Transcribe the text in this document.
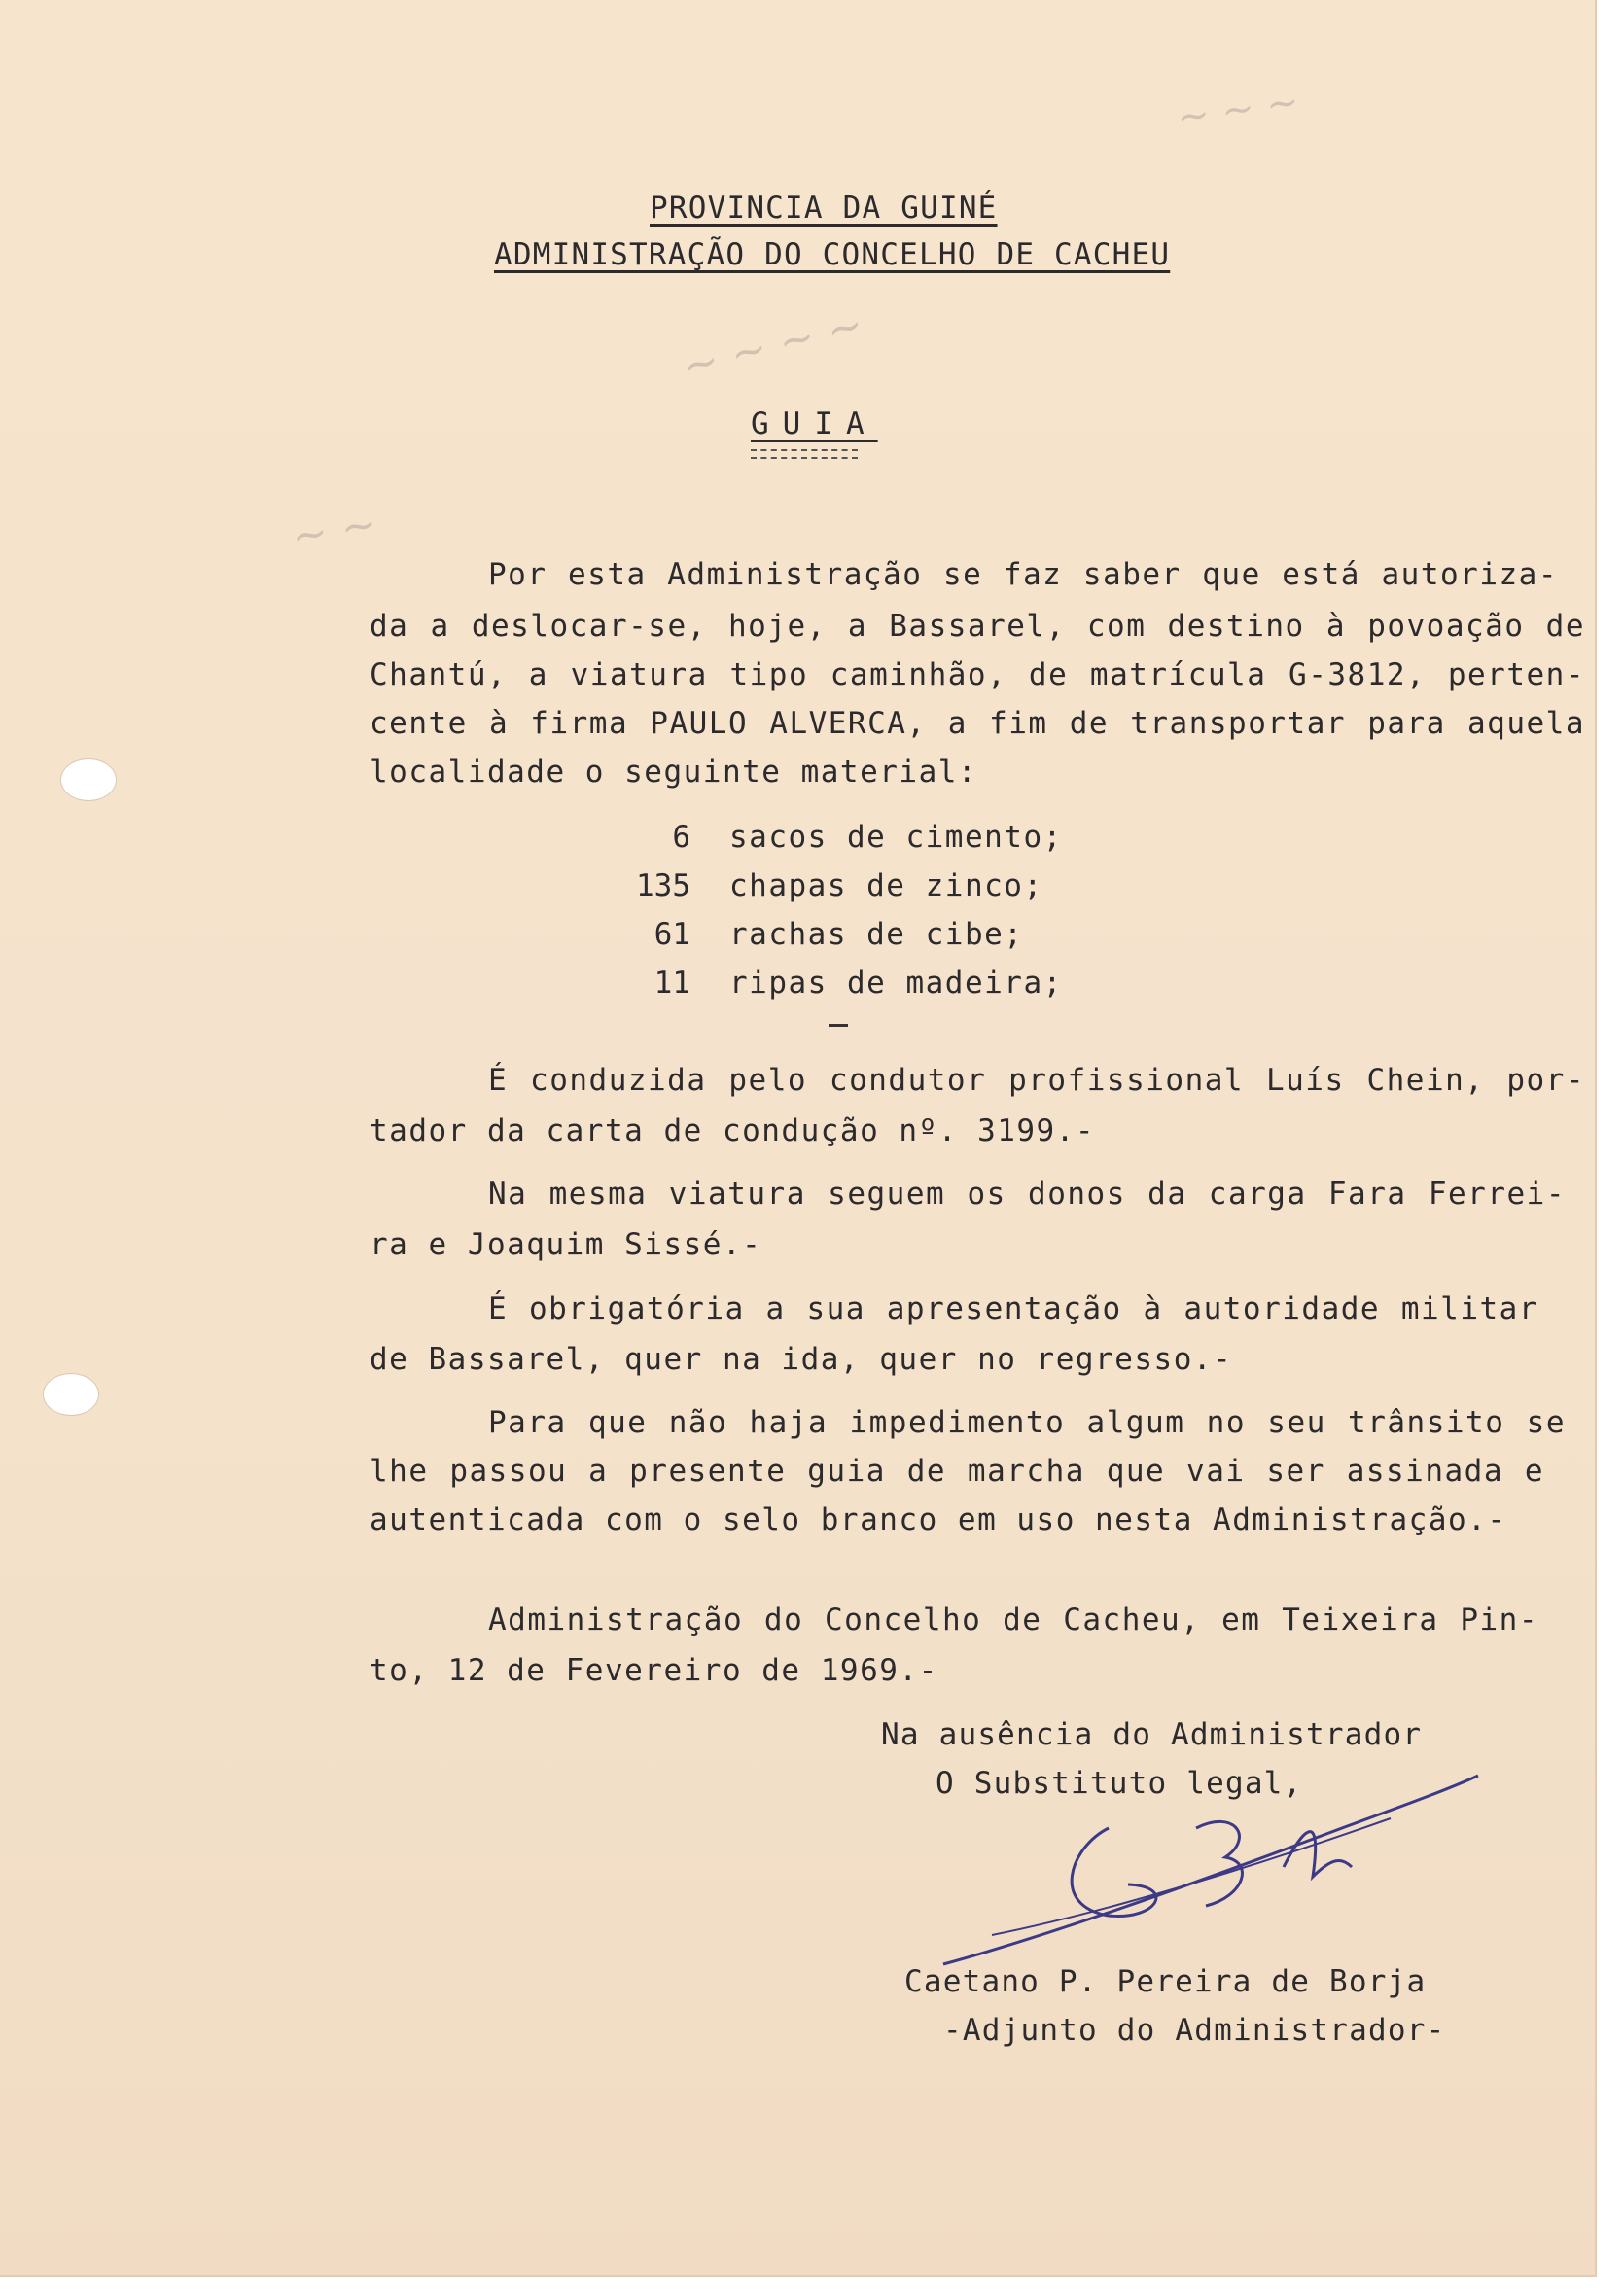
~ ~ ~
~ ~ ~ ~
~ ~
PROVINCIA DA GUINÉ
ADMINISTRAÇÃO DO CONCELHO DE CACHEU
GUIA
Por esta Administração se faz saber que está autoriza-
da a deslocar-se, hoje, a Bassarel, com destino à povoação de
Chantú, a viatura tipo caminhão, de matrícula G-3812, perten-
cente à firma PAULO ALVERCA, a fim de transportar para aquela
localidade o seguinte material:
6 sacos de cimento;
135 chapas de zinco;
61 rachas de cibe;
11 ripas de madeira;
É conduzida pelo condutor profissional Luís Chein, por-
tador da carta de condução nº. 3199.-
Na mesma viatura seguem os donos da carga Fara Ferrei-
ra e Joaquim Sissé.-
É obrigatória a sua apresentação à autoridade militar
de Bassarel, quer na ida, quer no regresso.-
Para que não haja impedimento algum no seu trânsito se
lhe passou a presente guia de marcha que vai ser assinada e
autenticada com o selo branco em uso nesta Administração.-
Administração do Concelho de Cacheu, em Teixeira Pin-
to, 12 de Fevereiro de 1969.-
Na ausência do Administrador
O Substituto legal,
Caetano P. Pereira de Borja
-Adjunto do Administrador-
